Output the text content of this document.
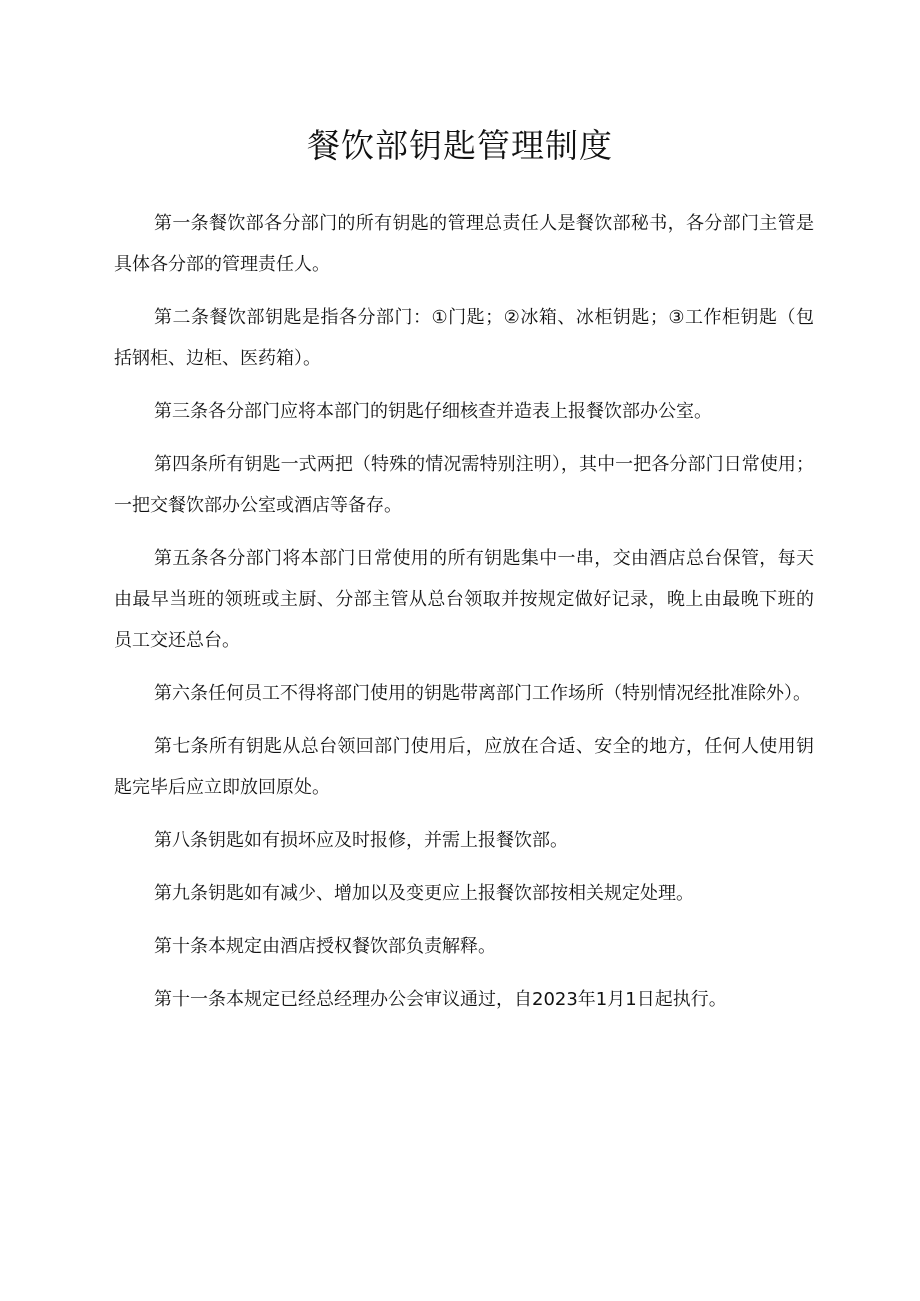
餐饮部钥匙管理制度

第一条餐饮部各分部门的所有钥匙的管理总责任人是餐饮部秘书，各分部门主管是具体各分部的管理责任人。

第二条餐饮部钥匙是指各分部门：①门匙；②冰箱、冰柜钥匙；③工作柜钥匙（包括钢柜、边柜、医药箱）。

第三条各分部门应将本部门的钥匙仔细核查并造表上报餐饮部办公室。

第四条所有钥匙一式两把（特殊的情况需特别注明），其中一把各分部门日常使用；一把交餐饮部办公室或酒店等备存。

第五条各分部门将本部门日常使用的所有钥匙集中一串，交由酒店总台保管，每天由最早当班的领班或主厨、分部主管从总台领取并按规定做好记录，晚上由最晚下班的员工交还总台。

第六条任何员工不得将部门使用的钥匙带离部门工作场所（特别情况经批准除外）。

第七条所有钥匙从总台领回部门使用后，应放在合适、安全的地方，任何人使用钥匙完毕后应立即放回原处。

第八条钥匙如有损坏应及时报修，并需上报餐饮部。

第九条钥匙如有减少、增加以及变更应上报餐饮部按相关规定处理。

第十条本规定由酒店授权餐饮部负责解释。

第十一条本规定已经总经理办公会审议通过，自2023年1月1日起执行。
